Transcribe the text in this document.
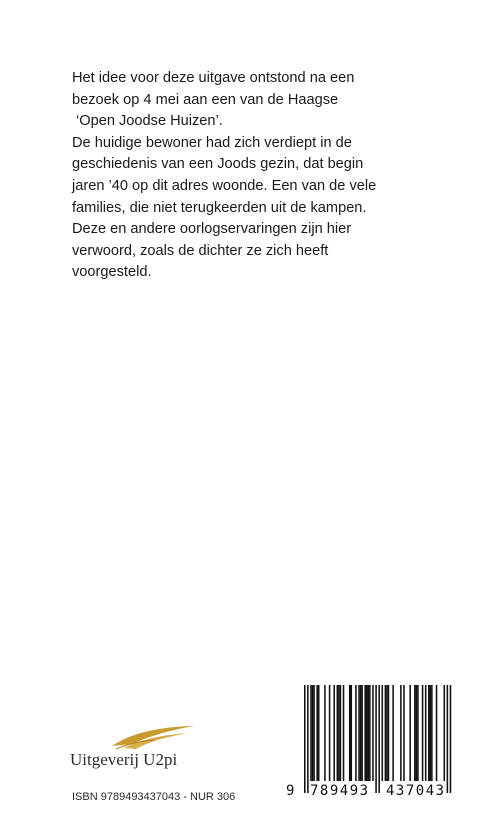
Het idee voor deze uitgave ontstond na een
bezoek op 4 mei aan een van de Haagse
‘Open Joodse Huizen’.

De huidige bewoner had zich verdiept in de
geschiedenis van een Joods gezin, dat begin
jaren ’40 op dit adres woonde. Een van de vele
families, die niet terugkeerden uit de kampen.
Deze en andere oorlogservaringen zijn hier
verwoord, zoals de dichter ze zich heeft
voorgesteld.

Uitgeverij U2pi
ISBN 9789493437043 - NUR 306	9 789493 437043
